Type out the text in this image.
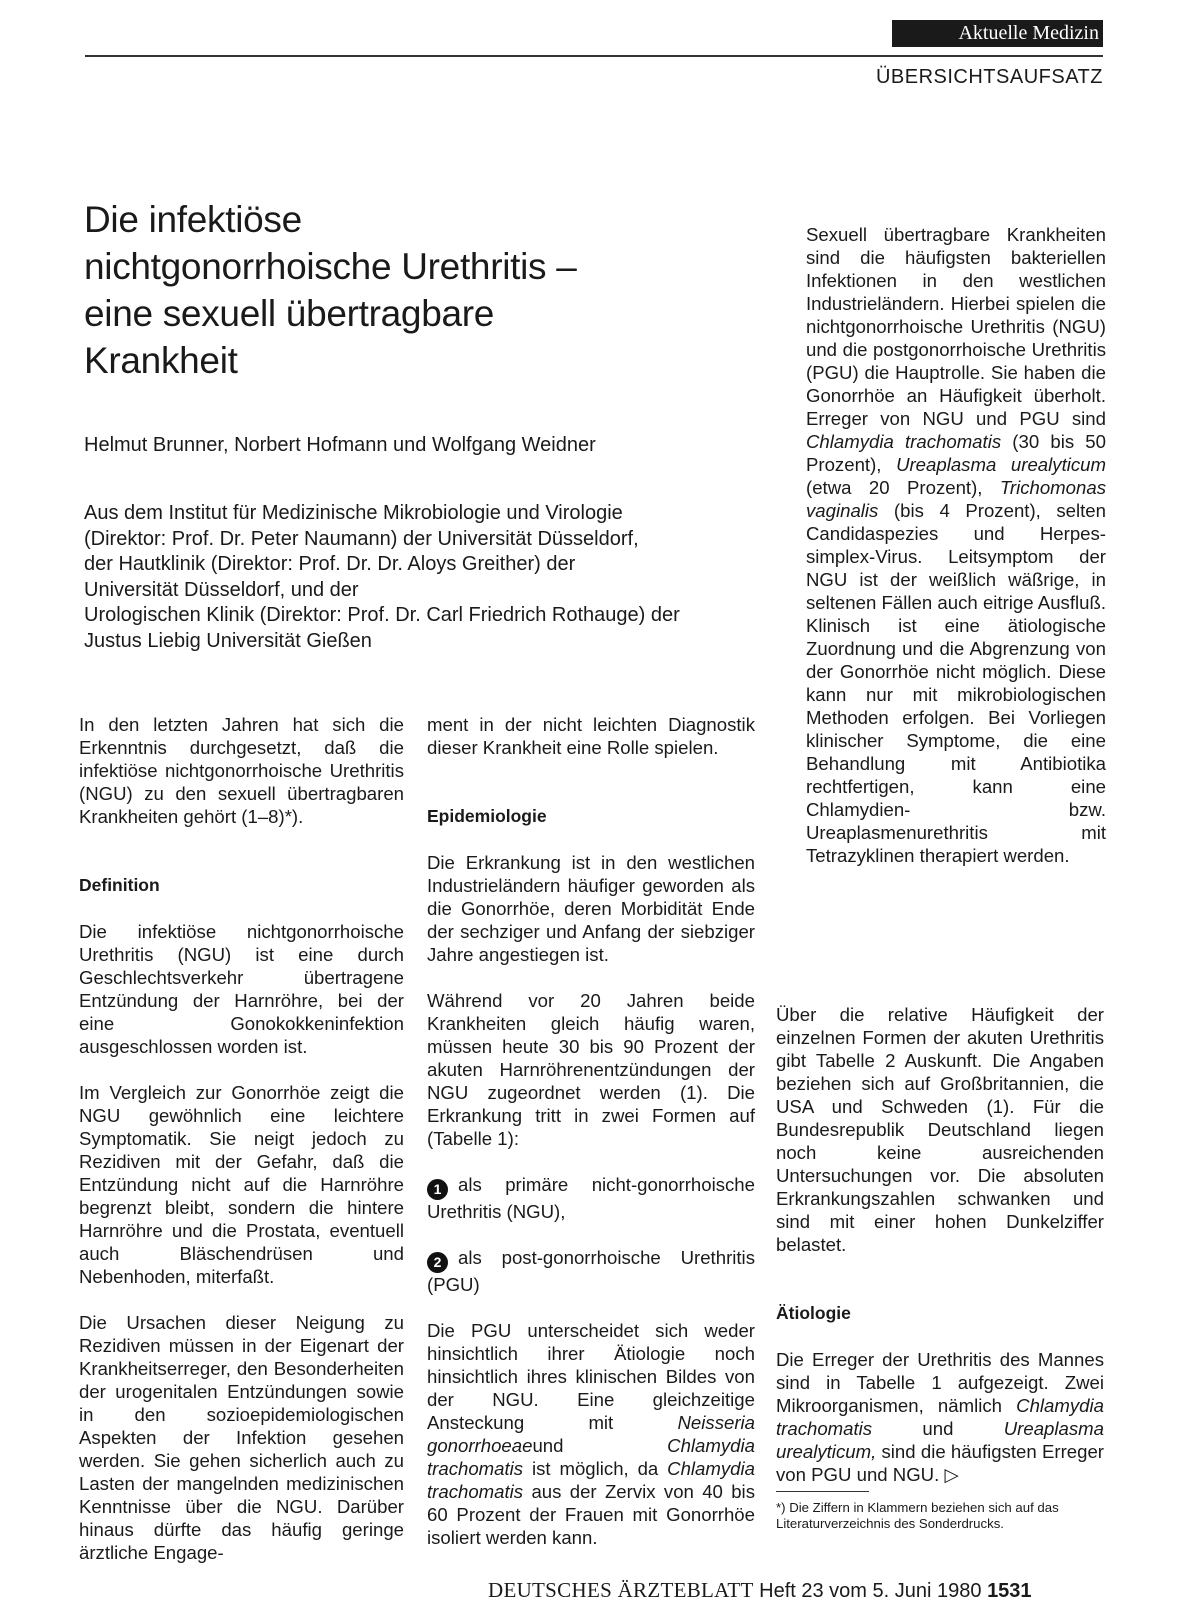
Aktuelle Medizin
ÜBERSICHTSAUFSATZ
Die infektiöse
nichtgonorrhoische Urethritis –
eine sexuell übertragbare
Krankheit
Helmut Brunner, Norbert Hofmann und Wolfgang Weidner
Aus dem Institut für Medizinische Mikrobiologie und Virologie
(Direktor: Prof. Dr. Peter Naumann) der Universität Düsseldorf,
der Hautklinik (Direktor: Prof. Dr. Dr. Aloys Greither) der
Universität Düsseldorf, und der
Urologischen Klinik (Direktor: Prof. Dr. Carl Friedrich Rothauge) der
Justus Liebig Universität Gießen

In den letzten Jahren hat sich die Erkenntnis durchgesetzt, daß die infektiöse nichtgonorrhoische Urethritis (NGU) zu den sexuell übertragbaren Krankheiten gehört (1–8)*).

Definition

Die infektiöse nichtgonorrhoische Urethritis (NGU) ist eine durch Geschlechtsverkehr übertragene Entzündung der Harnröhre, bei der eine Gonokokkeninfektion ausgeschlossen worden ist.

Im Vergleich zur Gonorrhöe zeigt die NGU gewöhnlich eine leichtere Symptomatik. Sie neigt jedoch zu Rezidiven mit der Gefahr, daß die Entzündung nicht auf die Harnröhre begrenzt bleibt, sondern die hintere Harnröhre und die Prostata, eventuell auch Bläschendrüsen und Nebenhoden, miterfaßt.

Die Ursachen dieser Neigung zu Rezidiven müssen in der Eigenart der Krankheitserreger, den Besonderheiten der urogenitalen Entzündungen sowie in den sozioepidemiologischen Aspekten der Infektion gesehen werden. Sie gehen sicherlich auch zu Lasten der mangelnden medizinischen Kenntnisse über die NGU. Darüber hinaus dürfte das häufig geringe ärztliche Engage-

ment in der nicht leichten Diagnostik dieser Krankheit eine Rolle spielen.

Epidemiologie

Die Erkrankung ist in den westlichen Industrieländern häufiger geworden als die Gonorrhöe, deren Morbidität Ende der sechziger und Anfang der siebziger Jahre angestiegen ist.

Während vor 20 Jahren beide Krankheiten gleich häufig waren, müssen heute 30 bis 90 Prozent der akuten Harnröhrenentzündungen der NGU zugeordnet werden (1). Die Erkrankung tritt in zwei Formen auf (Tabelle 1):

1 als primäre nicht-gonorrhoische Urethritis (NGU),

2 als post-gonorrhoische Urethritis (PGU)

Die PGU unterscheidet sich weder hinsichtlich ihrer Ätiologie noch hinsichtlich ihres klinischen Bildes von der NGU. Eine gleichzeitige Ansteckung mit Neisseria gonorrhoeaeund Chlamydia trachomatis ist möglich, da Chlamydia trachomatis aus der Zervix von 40 bis 60 Prozent der Frauen mit Gonorrhöe isoliert werden kann.

Sexuell übertragbare Krankheiten sind die häufigsten bakteriellen Infektionen in den westlichen Industrieländern. Hierbei spielen die nichtgonorrhoische Urethritis (NGU) und die postgonorrhoische Urethritis (PGU) die Hauptrolle. Sie haben die Gonorrhöe an Häufigkeit überholt. Erreger von NGU und PGU sind Chlamydia trachomatis (30 bis 50 Prozent), Ureaplasma urealyticum (etwa 20 Prozent), Trichomonas vaginalis (bis 4 Prozent), selten Candidaspezies und Herpes-simplex-Virus. Leitsymptom der NGU ist der weißlich wäßrige, in seltenen Fällen auch eitrige Ausfluß. Klinisch ist eine ätiologische Zuordnung und die Abgrenzung von der Gonorrhöe nicht möglich. Diese kann nur mit mikrobiologischen Methoden erfolgen. Bei Vorliegen klinischer Symptome, die eine Behandlung mit Antibiotika rechtfertigen, kann eine Chlamydien- bzw. Ureaplasmenurethritis mit Tetrazyklinen therapiert werden.

Über die relative Häufigkeit der einzelnen Formen der akuten Urethritis gibt Tabelle 2 Auskunft. Die Angaben beziehen sich auf Großbritannien, die USA und Schweden (1). Für die Bundesrepublik Deutschland liegen noch keine ausreichenden Untersuchungen vor. Die absoluten Erkrankungszahlen schwanken und sind mit einer hohen Dunkelziffer belastet.

Ätiologie

Die Erreger der Urethritis des Mannes sind in Tabelle 1 aufgezeigt. Zwei Mikroorganismen, nämlich Chlamydia trachomatis und Ureaplasma urealyticum, sind die häufigsten Erreger von PGU und NGU. ▷

*) Die Ziffern in Klammern beziehen sich auf das Literaturverzeichnis des Sonderdrucks.
DEUTSCHES ÄRZTEBLATT Heft 23 vom 5. Juni 1980 1531
